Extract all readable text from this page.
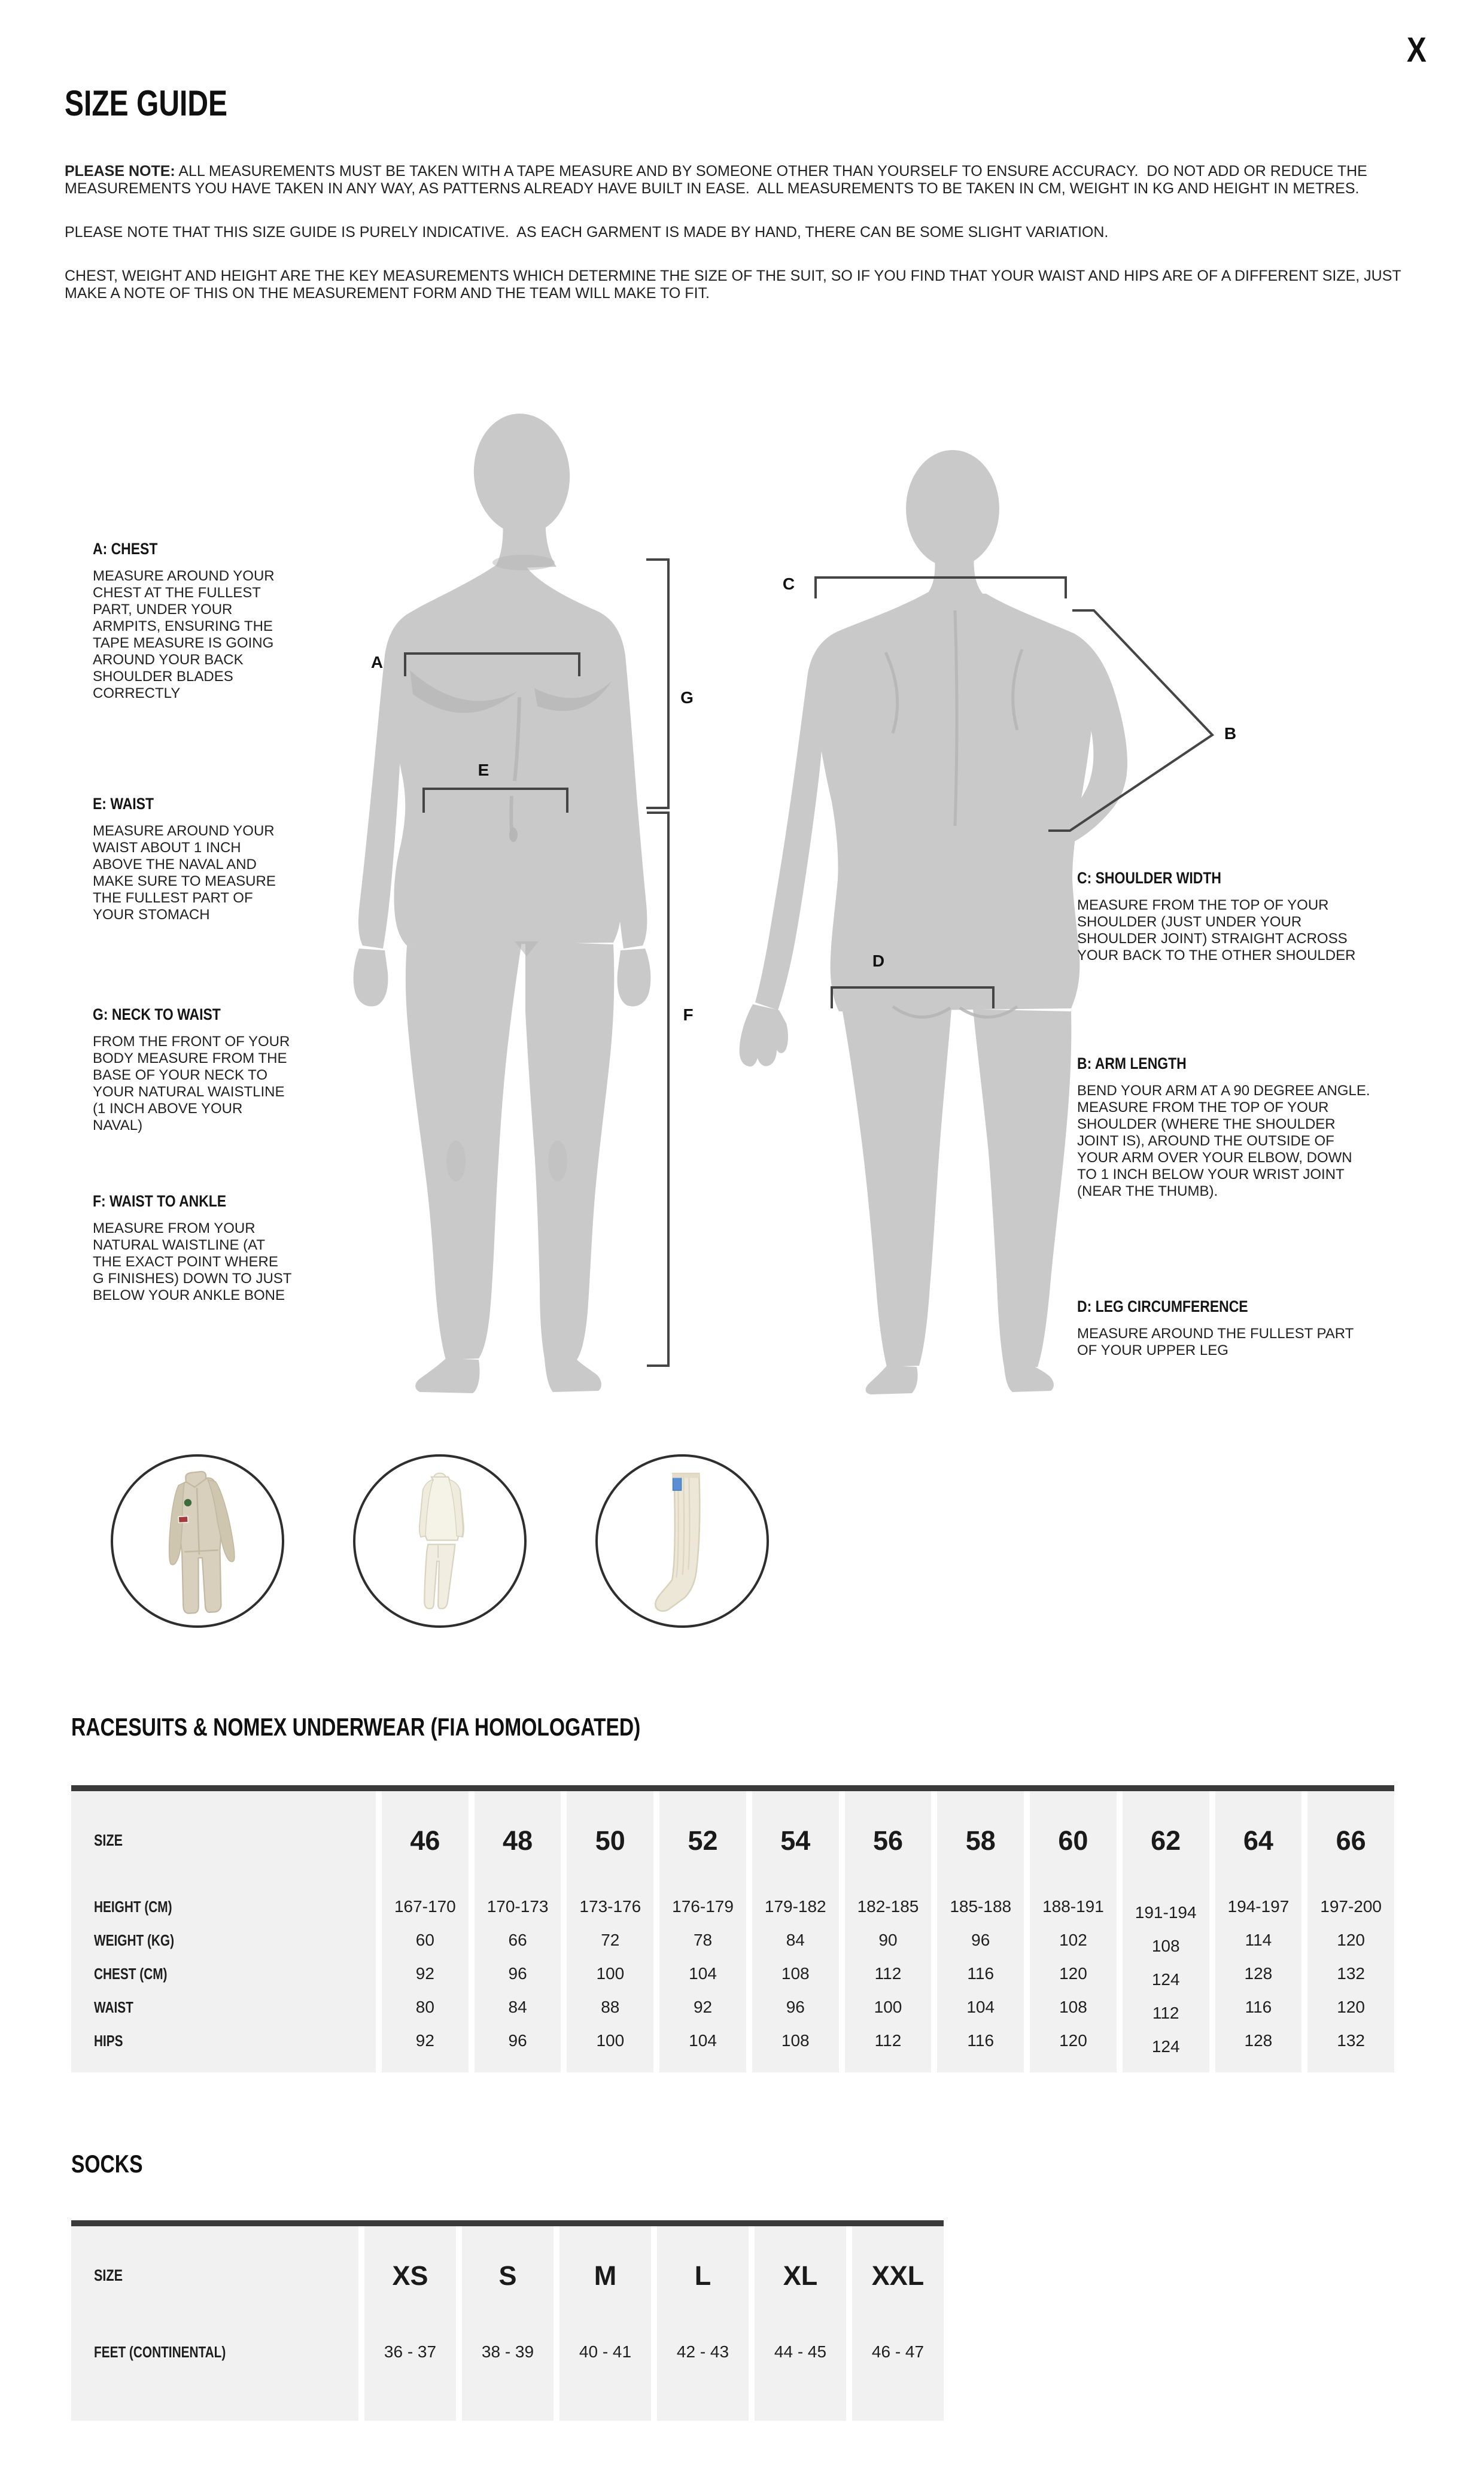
X
SIZE GUIDE

PLEASE NOTE: ALL MEASUREMENTS MUST BE TAKEN WITH A TAPE MEASURE AND BY SOMEONE OTHER THAN YOURSELF TO ENSURE ACCURACY.  DO NOT ADD OR REDUCE THE MEASUREMENTS YOU HAVE TAKEN IN ANY WAY, AS PATTERNS ALREADY HAVE BUILT IN EASE.  ALL MEASUREMENTS TO BE TAKEN IN CM, WEIGHT IN KG AND HEIGHT IN METRES.

PLEASE NOTE THAT THIS SIZE GUIDE IS PURELY INDICATIVE.  AS EACH GARMENT IS MADE BY HAND, THERE CAN BE SOME SLIGHT VARIATION.

CHEST, WEIGHT AND HEIGHT ARE THE KEY MEASUREMENTS WHICH DETERMINE THE SIZE OF THE SUIT, SO IF YOU FIND THAT YOUR WAIST AND HIPS ARE OF A DIFFERENT SIZE, JUST MAKE A NOTE OF THIS ON THE MEASUREMENT FORM AND THE TEAM WILL MAKE TO FIT.

A
E
G
F
C
B
D
A: CHEST

MEASURE AROUND YOUR CHEST AT THE FULLEST PART, UNDER YOUR ARMPITS, ENSURING THE TAPE MEASURE IS GOING AROUND YOUR BACK SHOULDER BLADES CORRECTLY

E: WAIST

MEASURE AROUND YOUR WAIST ABOUT 1 INCH ABOVE THE NAVAL AND MAKE SURE TO MEASURE THE FULLEST PART OF YOUR STOMACH

G: NECK TO WAIST

FROM THE FRONT OF YOUR BODY MEASURE FROM THE BASE OF YOUR NECK TO YOUR NATURAL WAISTLINE (1 INCH ABOVE YOUR NAVAL)

F: WAIST TO ANKLE

MEASURE FROM YOUR NATURAL WAISTLINE (AT THE EXACT POINT WHERE G FINISHES) DOWN TO JUST BELOW YOUR ANKLE BONE

C: SHOULDER WIDTH

MEASURE FROM THE TOP OF YOUR SHOULDER (JUST UNDER YOUR SHOULDER JOINT) STRAIGHT ACROSS YOUR BACK TO THE OTHER SHOULDER

B: ARM LENGTH

BEND YOUR ARM AT A 90 DEGREE ANGLE.  MEASURE FROM THE TOP OF YOUR SHOULDER (WHERE THE SHOULDER JOINT IS), AROUND THE OUTSIDE OF YOUR ARM OVER YOUR ELBOW, DOWN TO 1 INCH BELOW YOUR WRIST JOINT (NEAR THE THUMB).

D: LEG CIRCUMFERENCE

MEASURE AROUND THE FULLEST PART OF YOUR UPPER LEG

RACESUITS & NOMEX UNDERWEAR (FIA HOMOLOGATED)
SIZE
HEIGHT (CM)
WEIGHT (KG)
CHEST (CM)
WAIST
HIPS
46
167-170
60
92
80
92
48
170-173
66
96
84
96
50
173-176
72
100
88
100
52
176-179
78
104
92
104
54
179-182
84
108
96
108
56
182-185
90
112
100
112
58
185-188
96
116
104
116
60
188-191
102
120
108
120
62
191-194
108
124
112
124
64
194-197
114
128
116
128
66
197-200
120
132
120
132
SOCKS
SIZE
FEET (CONTINENTAL)
XS
36 - 37
S
38 - 39
M
40 - 41
L
42 - 43
XL
44 - 45
XXL
46 - 47
